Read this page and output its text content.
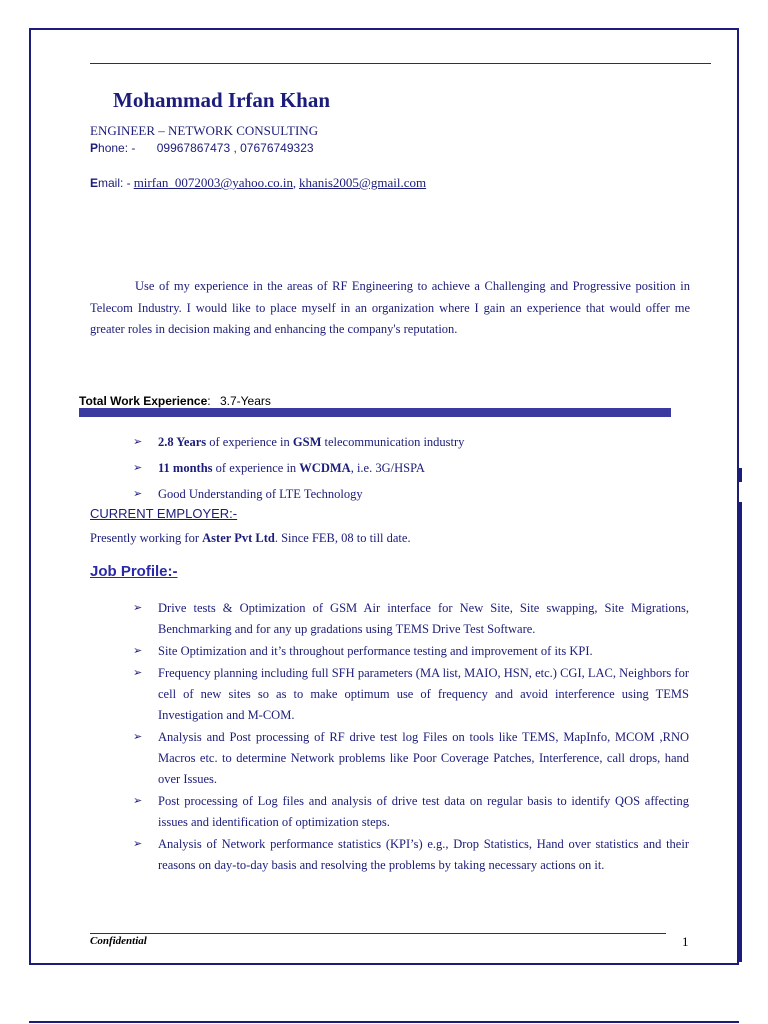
Mohammad Irfan Khan
ENGINEER – NETWORK CONSULTING
Phone: - 09967867473 , 07676749323
Email: - mirfan_0072003@yahoo.co.in, khanis2005@gmail.com
Use of my experience in the areas of RF Engineering to achieve a Challenging and Progressive position in Telecom Industry. I would like to place myself in an organization where I gain an experience that would offer me greater roles in decision making and enhancing the company's reputation.
Total Work Experience: 3.7-Years
➢ 2.8 Years of experience in GSM telecommunication industry
➢ 11 months of experience in WCDMA, i.e. 3G/HSPA
➢ Good Understanding of LTE Technology
CURRENT EMPLOYER:-
Presently working for Aster Pvt Ltd. Since FEB, 08 to till date.
Job Profile:-
➢ Drive tests & Optimization of GSM Air interface for New Site, Site swapping, Site Migrations, Benchmarking and for any up gradations using TEMS Drive Test Software.
➢ Site Optimization and it’s throughout performance testing and improvement of its KPI.
➢ Frequency planning including full SFH parameters (MA list, MAIO, HSN, etc.) CGI, LAC, Neighbors for cell of new sites so as to make optimum use of frequency and avoid interference using TEMS Investigation and M-COM.
➢ Analysis and Post processing of RF drive test log Files on tools like TEMS, MapInfo, MCOM ,RNO Macros etc. to determine Network problems like Poor Coverage Patches, Interference, call drops, hand over Issues.
➢ Post processing of Log files and analysis of drive test data on regular basis to identify QOS affecting issues and identification of optimization steps.
➢ Analysis of Network performance statistics (KPI’s) e.g., Drop Statistics, Hand over statistics and their reasons on day-to-day basis and resolving the problems by taking necessary actions on it.
Confidential	1
